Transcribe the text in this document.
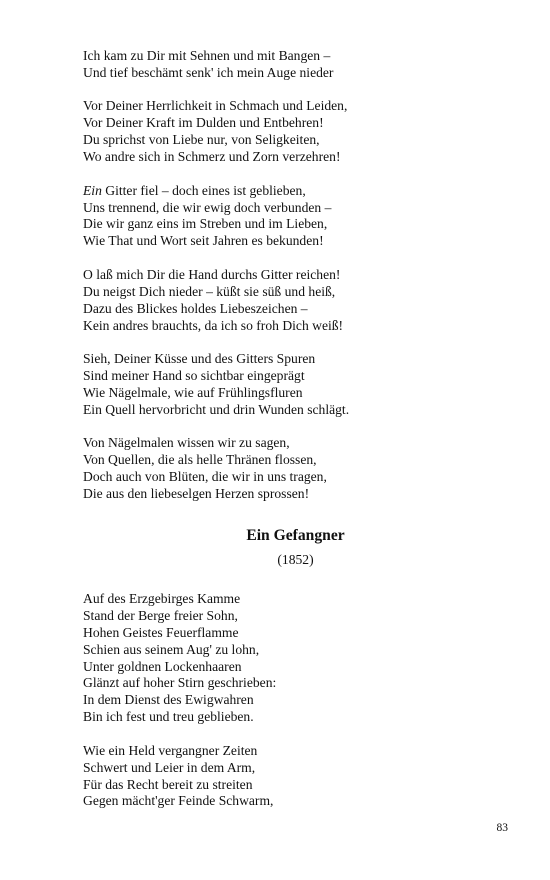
Ich kam zu Dir mit Sehnen und mit Bangen –
Und tief beschämt senk' ich mein Auge nieder
Vor Deiner Herrlichkeit in Schmach und Leiden,
Vor Deiner Kraft im Dulden und Entbehren!
Du sprichst von Liebe nur, von Seligkeiten,
Wo andre sich in Schmerz und Zorn verzehren!
Ein Gitter fiel – doch eines ist geblieben,
Uns trennend, die wir ewig doch verbunden –
Die wir ganz eins im Streben und im Lieben,
Wie That und Wort seit Jahren es bekunden!
O laß mich Dir die Hand durchs Gitter reichen!
Du neigst Dich nieder – küßt sie süß und heiß,
Dazu des Blickes holdes Liebeszeichen –
Kein andres brauchts, da ich so froh Dich weiß!
Sieh, Deiner Küsse und des Gitters Spuren
Sind meiner Hand so sichtbar eingeprägt
Wie Nägelmale, wie auf Frühlingsfluren
Ein Quell hervorbricht und drin Wunden schlägt.
Von Nägelmalen wissen wir zu sagen,
Von Quellen, die als helle Thränen flossen,
Doch auch von Blüten, die wir in uns tragen,
Die aus den liebeselgen Herzen sprossen!
Ein Gefangner
(1852)
Auf des Erzgebirges Kamme
Stand der Berge freier Sohn,
Hohen Geistes Feuerflamme
Schien aus seinem Aug' zu lohn,
Unter goldnen Lockenhaaren
Glänzt auf hoher Stirn geschrieben:
In dem Dienst des Ewigwahren
Bin ich fest und treu geblieben.
Wie ein Held vergangner Zeiten
Schwert und Leier in dem Arm,
Für das Recht bereit zu streiten
Gegen mächt'ger Feinde Schwarm,
83
